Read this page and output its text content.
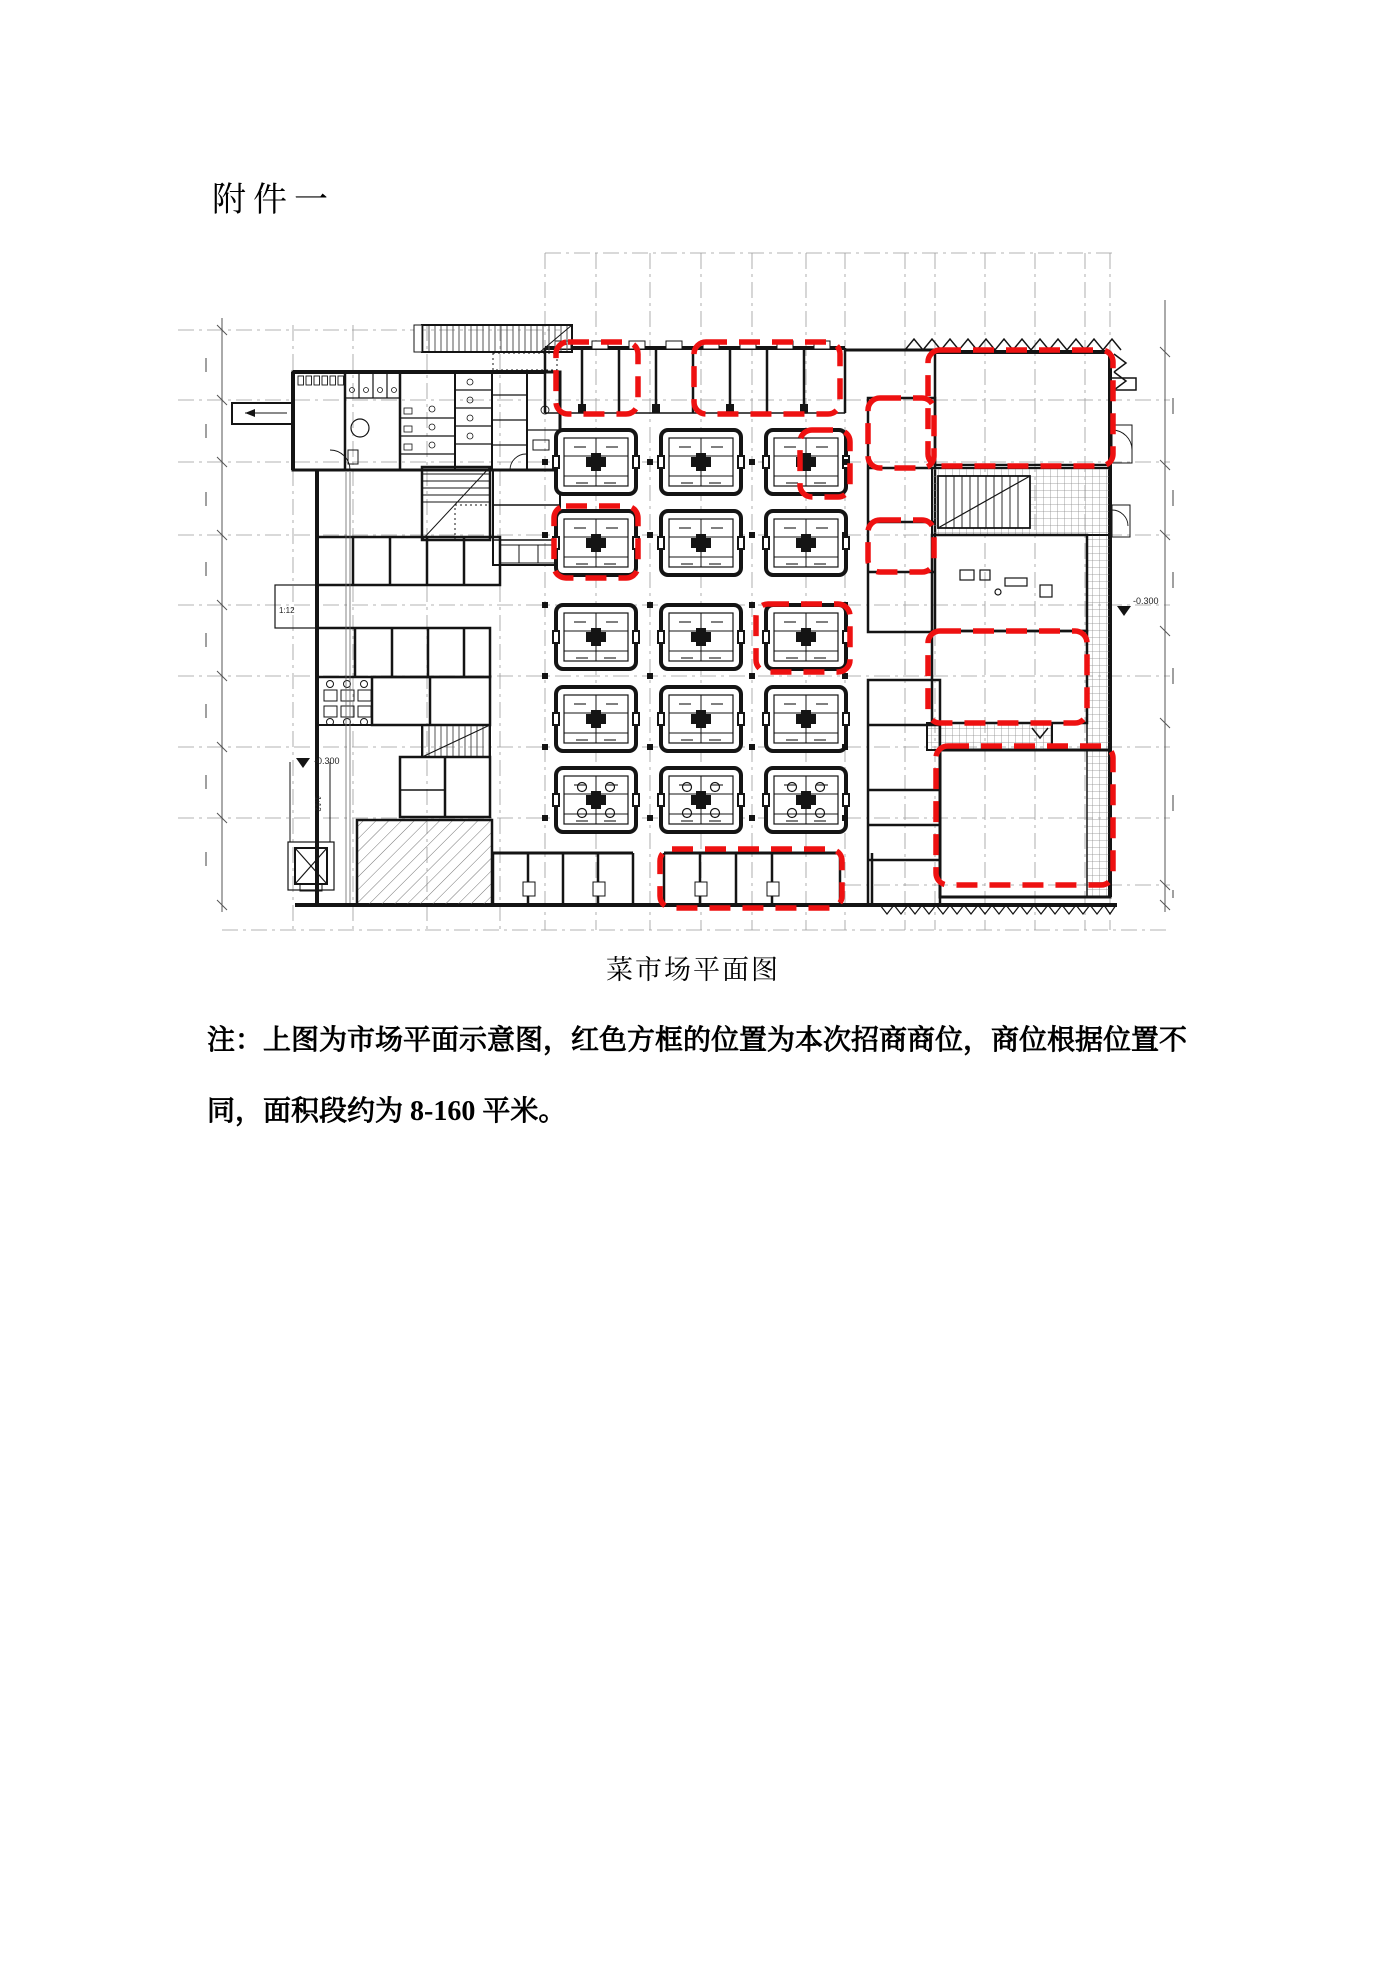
附件一
-0.300
-0.300
1:12
1:12
菜市场平面图
注：上图为市场平面示意图，红色方框的位置为本次招商商位，商位根据位置不
同，面积段约为 8-160 平米。
